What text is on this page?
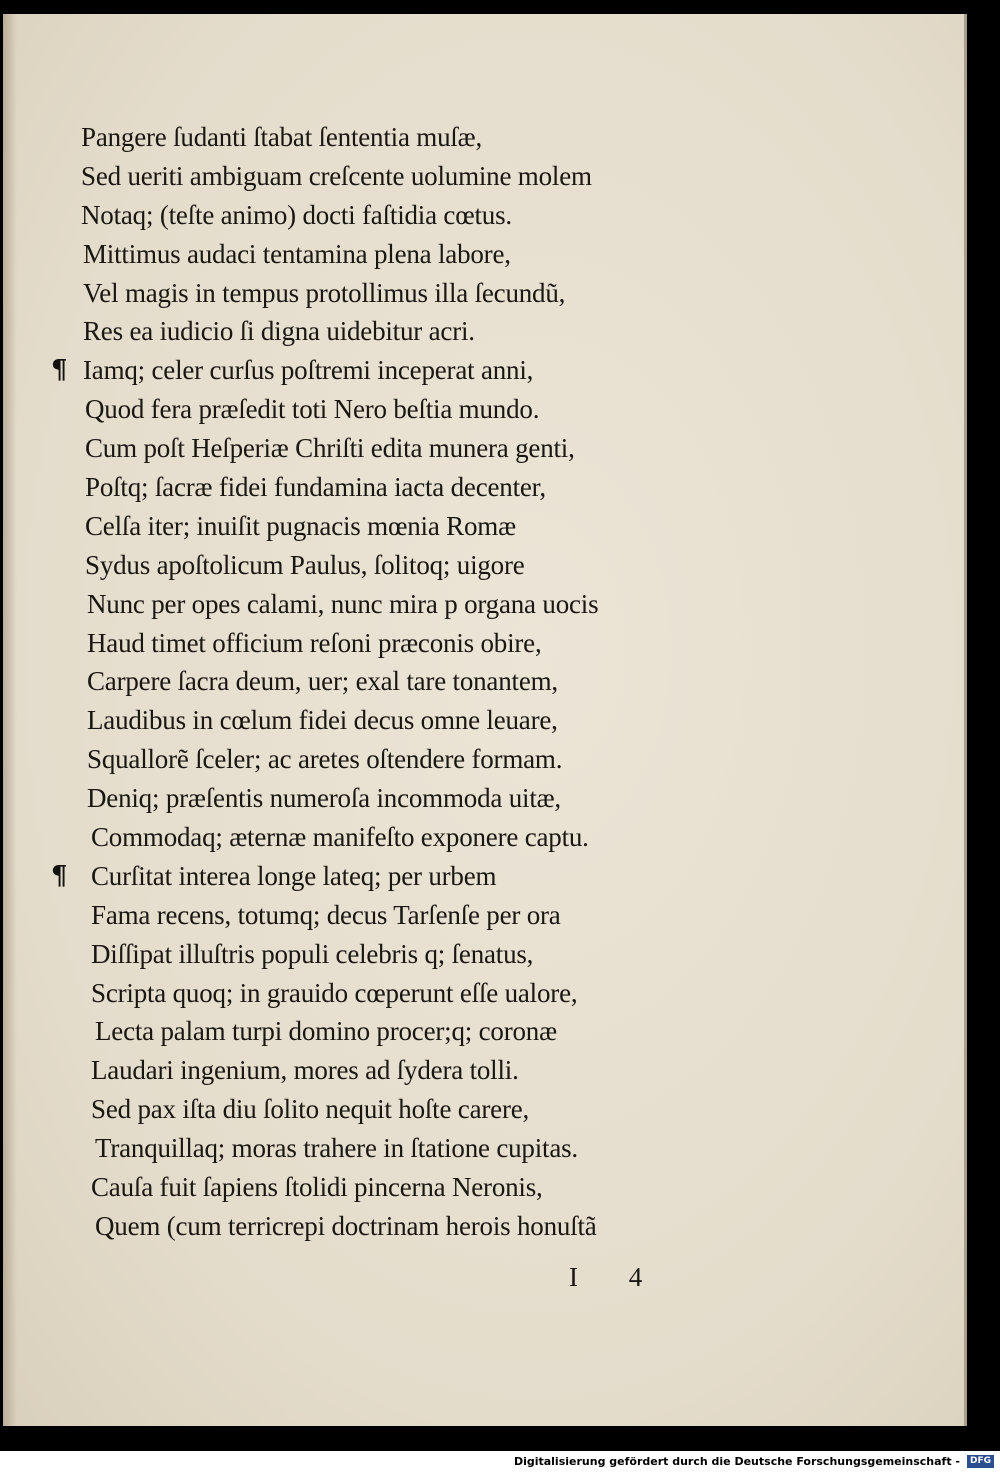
Pangere ſudanti ſtabat ſententia muſæ,
Sed ueriti ambiguam creſcente uolumine molem
Notaq; (teſte animo) docti faſtidia cœtus.
Mittimus audaci tentamina plena labore,
Vel magis in tempus protollimus illa ſecundũ,
Res ea iudicio ſi digna uidebitur acri.
¶ Iamq; celer curſus poſtremi inceperat anni,
Quod fera præſedit toti Nero beſtia mundo.
Cum poſt Heſperiæ Chriſti edita munera genti,
Poſtq; ſacræ fidei fundamina iacta decenter,
Celſa iter; inuiſit pugnacis mœnia Romæ
Sydus apoſtolicum Paulus, ſolitoq; uigore
Nunc per opes calami, nunc mira p organa uocis
Haud timet officium reſoni præconis obire,
Carpere ſacra deum, uer; exal tare tonantem,
Laudibus in cœlum fidei decus omne leuare,
Squallorẽ ſceler; ac aretes oſtendere formam.
Deniq; præſentis numeroſa incommoda uitæ,
Commodaq; æternæ manifeſto exponere captu.
¶ Curſitat interea longe lateq; per urbem
Fama recens, totumq; decus Tarſenſe per ora
Diſſipat illuſtris populi celebris q; ſenatus,
Scripta quoq; in grauido cœperunt eſſe ualore,
Lecta palam turpi domino procer;q; coronæ
Laudari ingenium, mores ad ſydera tolli.
Sed pax iſta diu ſolito nequit hoſte carere,
Tranquillaq; moras trahere in ſtatione cupitas.
Cauſa fuit ſapiens ſtolidi pincerna Neronis,
Quem (cum terricrepi doctrinam herois honuſtã
I 4
Digitalisierung gefördert durch die Deutsche Forschungsgemeinschaft -	DFG
